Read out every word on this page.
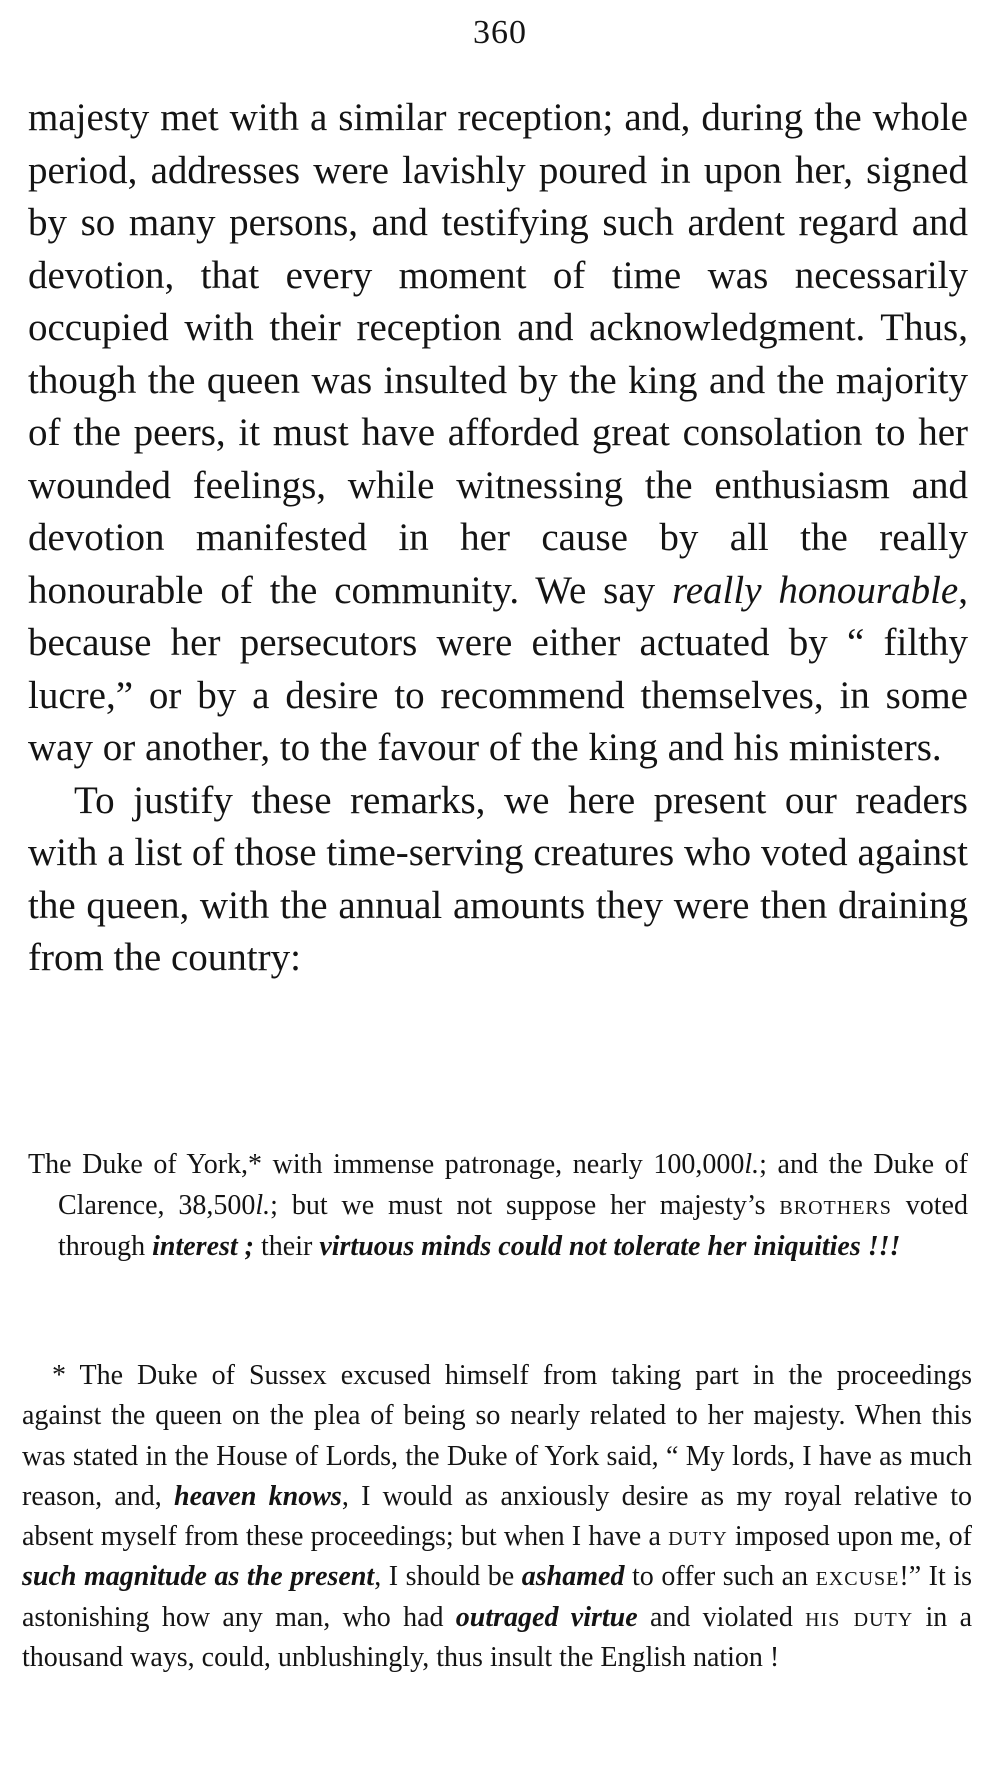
360

majesty met with a similar reception; and, during the whole period, addresses were lavishly poured in upon her, signed by so many persons, and testifying such ardent regard and devotion, that every moment of time was necessarily occupied with their reception and acknowledgment. Thus, though the queen was insulted by the king and the majority of the peers, it must have afforded great consolation to her wounded feelings, while witnessing the enthusiasm and devotion manifested in her cause by all the really honourable of the community. We say really honourable, because her persecutors were either actuated by “ filthy lucre,” or by a desire to recommend themselves, in some way or another, to the favour of the king and his ministers.

To justify these remarks, we here present our readers with a list of those time-serving creatures who voted against the queen, with the annual amounts they were then draining from the country:

The Duke of York,* with immense patronage, nearly 100,000l.; and the Duke of Clarence, 38,500l.; but we must not suppose her majesty’s brothers voted through interest ; their virtuous minds could not tolerate her iniquities !!!

* The Duke of Sussex excused himself from taking part in the proceedings against the queen on the plea of being so nearly related to her majesty. When this was stated in the House of Lords, the Duke of York said, “ My lords, I have as much reason, and, heaven knows, I would as anxiously desire as my royal relative to absent myself from these proceedings; but when I have a duty imposed upon me, of such magnitude as the present, I should be ashamed to offer such an excuse!” It is astonishing how any man, who had outraged virtue and violated his duty in a thousand ways, could, unblushingly, thus insult the English nation !
